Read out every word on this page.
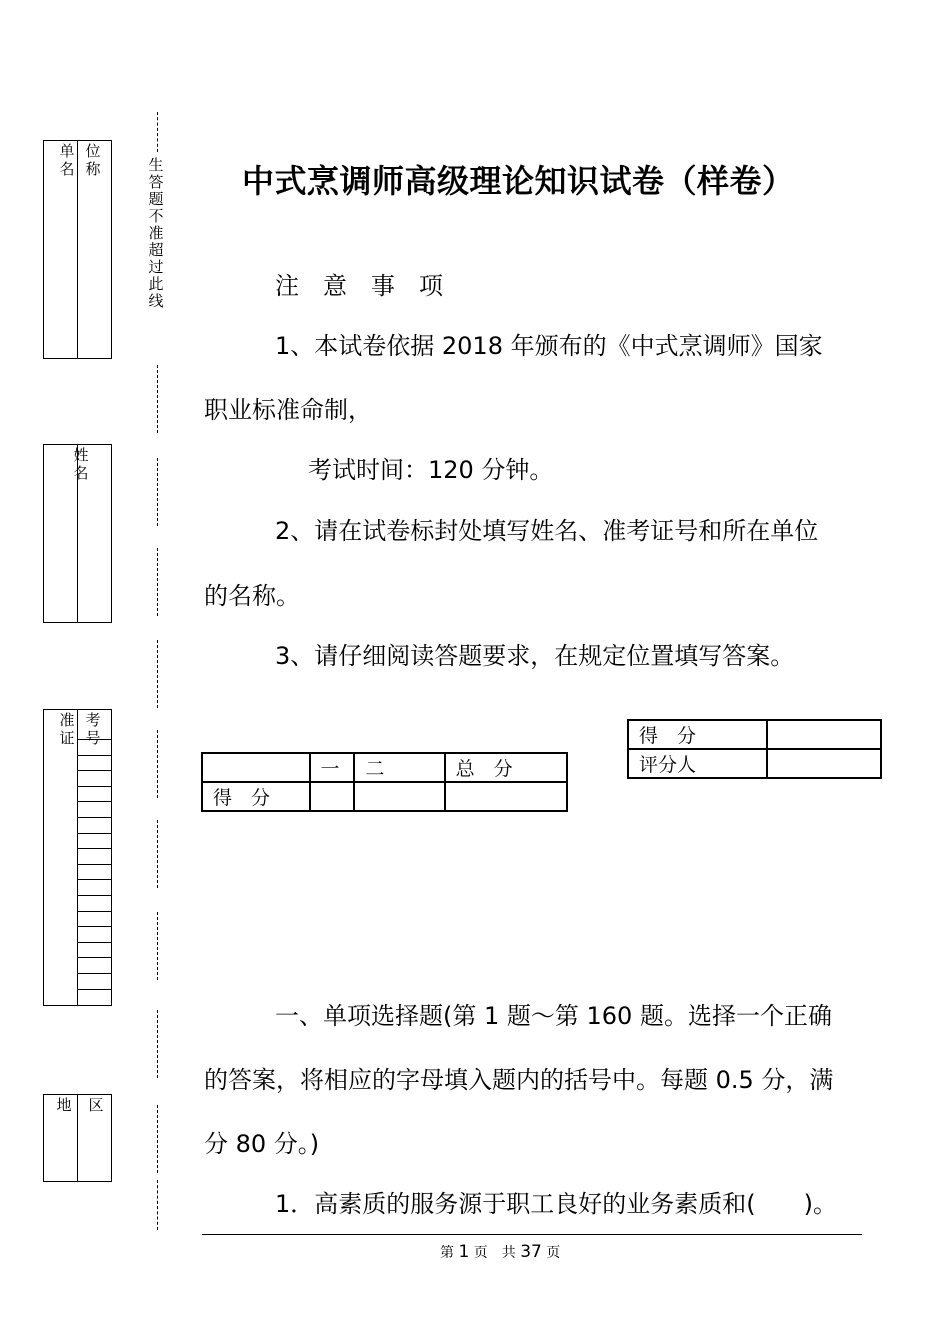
单名
位称
姓名
准证
考号
地 区
生答题不准超过此线
中式烹调师高级理论知识试卷（样卷）
注　意　事　项
1、本试卷依据 2018 年颁布的《中式烹调师》国家
职业标准命制，
考试时间：120 分钟。
2、请在试卷标封处填写姓名、准考证号和所在单位
的名称。
3、请仔细阅读答题要求，在规定位置填写答案。
	一	二	总　分
得　分			
得　分	
评分人	
一、单项选择题(第 1 题～第 160 题。选择一个正确
的答案，将相应的字母填入题内的括号中。每题 0.5 分，满
分 80 分。)
1．高素质的服务源于职工良好的业务素质和(　　)。
第 1 页　共 37 页
